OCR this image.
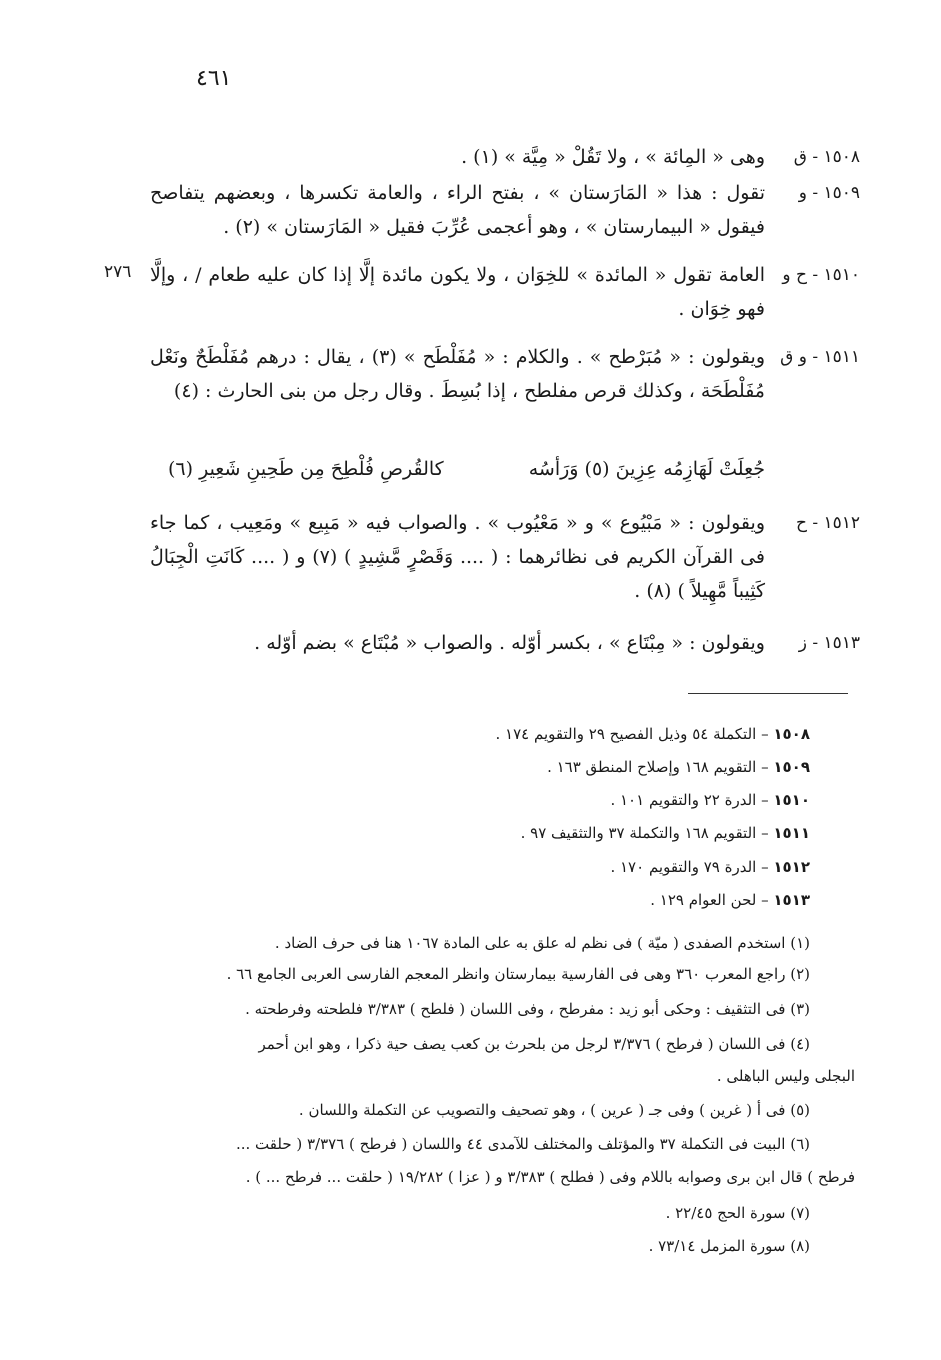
٤٦١
٢٧٦
١٥٠٨ - ق
وهى « المِائة » ، ولا تَقُلْ « مِيَّة » (١) .
١٥٠٩ - و
تقول : هذا « المَارَستان » ، بفتح الراء ، والعامة تكسرها ، وبعضهم يتفاصح فيقول « البيمارستان » ، وهو أعجمى عُرِّبَ فقيل « المَارَستان » (٢) .
١٥١٠ - ح و
العامة تقول « المائدة » للخِوَان ، ولا يكون مائدة إلَّا إذا كان عليه طعام / ، وإلَّا فهو خِوَان .
١٥١١ - و ق
ويقولون : « مُبَرْطح » . والكلام : « مُفَلْطَح » (٣) ، يقال : درهم مُفَلْطَحٌ ونَعْل مُفَلْطَحَة ، وكذلك قرص مفلطح ، إذا بُسِطَ . وقال رجل من بنى الحارث : (٤)
جُعِلَتْ لَهَازِمُه عِزِينَ (٥) وَرَأسُه
كالقُرصِ فُلْطِحَ مِن طَحِينِ شَعِيرِ (٦)
١٥١٢ - ح
ويقولون : « مَبْيُوع » و « مَعْيُوب » . والصواب فيه « مَبِيع » ومَعِيب ، كما جاء فى القرآن الكريم فى نظائرهما : ( .... وَقَصْرٍ مَّشِيدٍ ) (٧) و ( .... كَانَتِ الْجِبَالُ كَثِيباً مَّهِيلاً ) (٨) .
١٥١٣ - ز
ويقولون : « مِبْتَاع » ، بكسر أوّله . والصواب « مُبْتَاع » بضم أوّله .
١٥٠٨ – التكملة ٥٤ وذيل الفصيح ٢٩ والتقويم ١٧٤ .
١٥٠٩ – التقويم ١٦٨ وإصلاح المنطق ١٦٣ .
١٥١٠ – الدرة ٢٢ والتقويم ١٠١ .
١٥١١ – التقويم ١٦٨ والتكملة ٣٧ والتثقيف ٩٧ .
١٥١٢ – الدرة ٧٩ والتقويم ١٧٠ .
١٥١٣ – لحن العوام ١٢٩ .
(١) استخدم الصفدى ( ميّة ) فى نظم له علق به على المادة ١٠٦٧ هنا فى حرف الضاد .
(٢) راجع المعرب ٣٦٠ وهى فى الفارسية بيمارستان وانظر المعجم الفارسى العربى الجامع ٦٦ .
(٣) فى التثقيف : وحكى أبو زيد : مفرطح ، وفى اللسان ( فلطح ) ٣/٣٨٣ فلطحته وفرطحته .
(٤) فى اللسان ( فرطح ) ٣/٣٧٦ لرجل من بلحرث بن كعب يصف حية ذكرا ، وهو ابن أحمر
البجلى وليس الباهلى .
(٥) فى أ ( غرين ) وفى جـ ( عرين ) ، وهو تصحيف والتصويب عن التكملة واللسان .
(٦) البيت فى التكملة ٣٧ والمؤتلف والمختلف للآمدى ٤٤ واللسان ( فرطح ) ٣/٣٧٦ ( حلقت ...
فرطح ) قال ابن برى وصوابه باللام وفى ( فطلح ) ٣/٣٨٣ و ( عزا ) ١٩/٢٨٢ ( حلقت ... فرطح ... ) .
(٧) سورة الحج ٢٢/٤٥ .
(٨) سورة المزمل ٧٣/١٤ .
